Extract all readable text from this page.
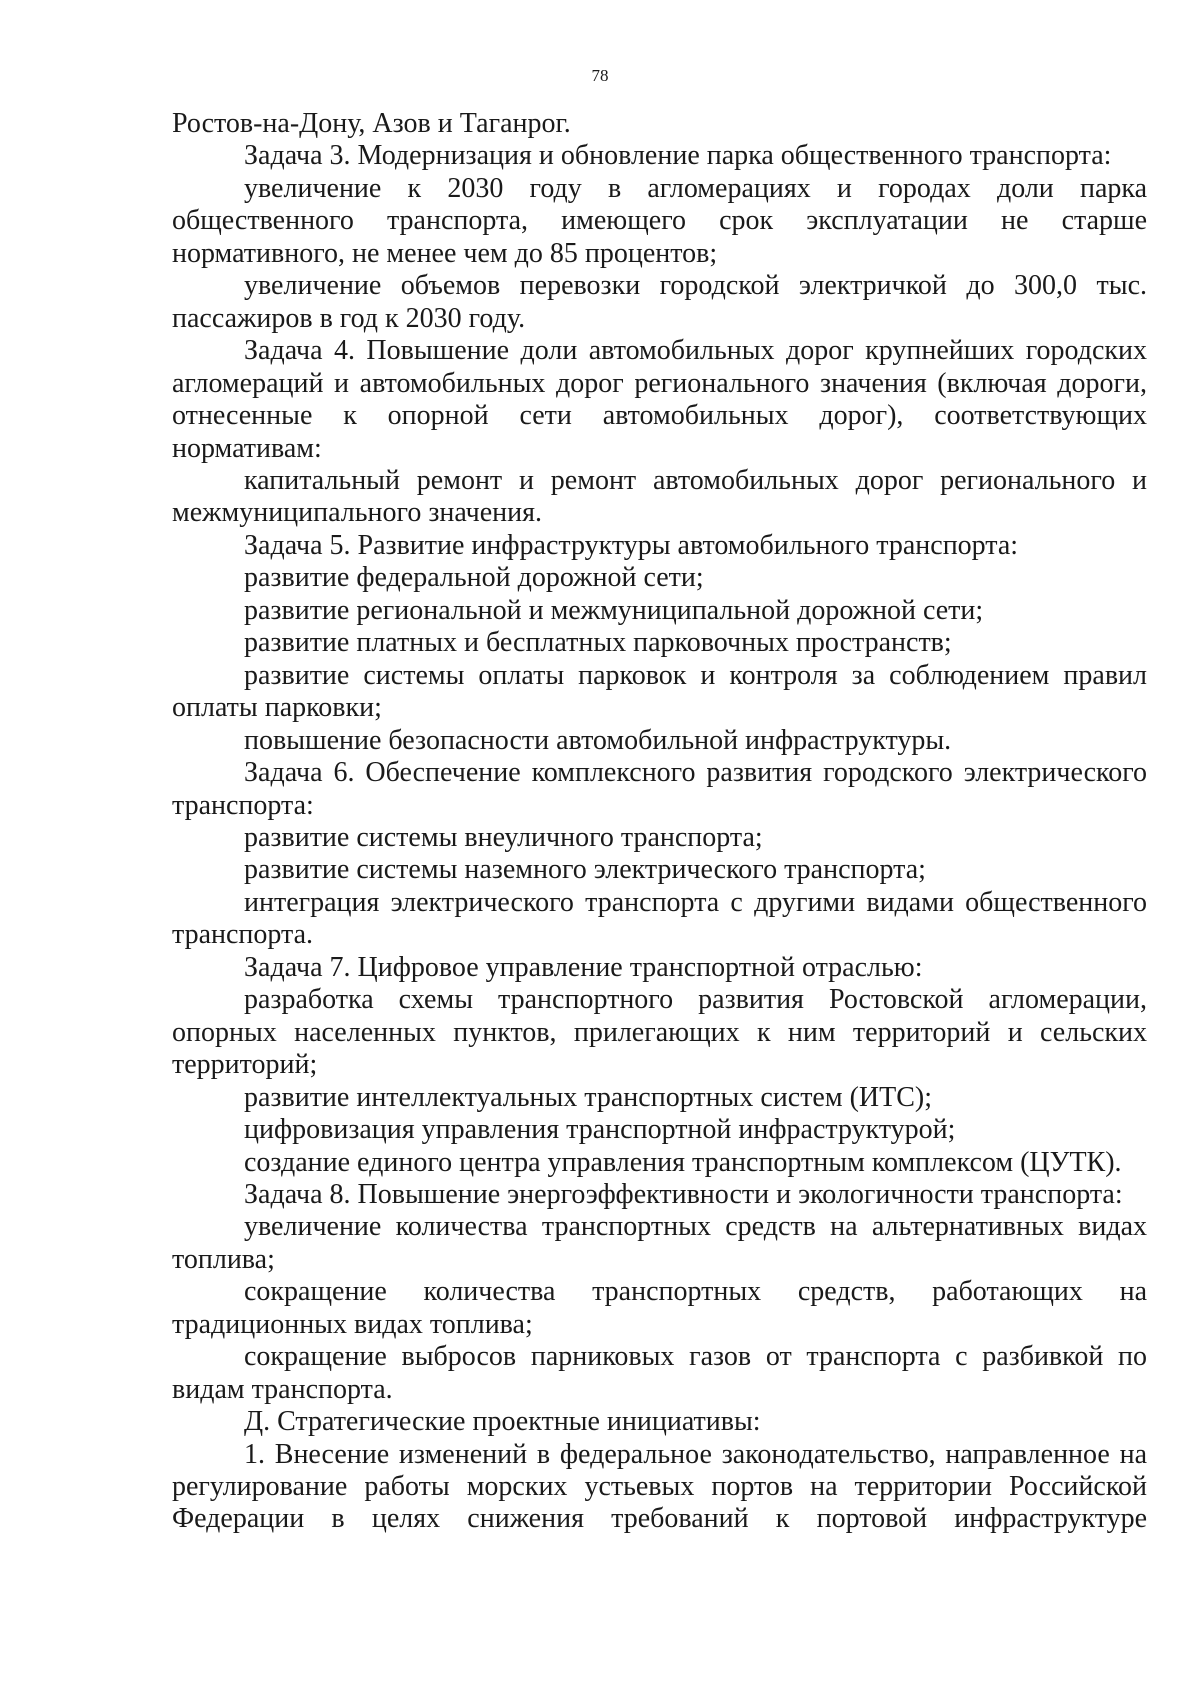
78

Ростов-на-Дону, Азов и Таганрог.

Задача 3. Модернизация и обновление парка общественного транспорта:

увеличение к 2030 году в агломерациях и городах доли парка общественного транспорта, имеющего срок эксплуатации не старше нормативного, не менее чем до 85 процентов;

увеличение объемов перевозки городской электричкой до 300,0 тыс. пассажиров в год к 2030 году.

Задача 4. Повышение доли автомобильных дорог крупнейших городских агломераций и автомобильных дорог регионального значения (включая дороги, отнесенные к опорной сети автомобильных дорог), соответствующих нормативам:

капитальный ремонт и ремонт автомобильных дорог регионального и межмуниципального значения.

Задача 5. Развитие инфраструктуры автомобильного транспорта:

развитие федеральной дорожной сети;

развитие региональной и межмуниципальной дорожной сети;

развитие платных и бесплатных парковочных пространств;

развитие системы оплаты парковок и контроля за соблюдением правил оплаты парковки;

повышение безопасности автомобильной инфраструктуры.

Задача 6. Обеспечение комплексного развития городского электрического транспорта:

развитие системы внеуличного транспорта;

развитие системы наземного электрического транспорта;

интеграция электрического транспорта с другими видами общественного транспорта.

Задача 7. Цифровое управление транспортной отраслью:

разработка схемы транспортного развития Ростовской агломерации, опорных населенных пунктов, прилегающих к ним территорий и сельских территорий;

развитие интеллектуальных транспортных систем (ИТС);

цифровизация управления транспортной инфраструктурой;

создание единого центра управления транспортным комплексом (ЦУТК).

Задача 8. Повышение энергоэффективности и экологичности транспорта:

увеличение количества транспортных средств на альтернативных видах топлива;

сокращение количества транспортных средств, работающих на традиционных видах топлива;

сокращение выбросов парниковых газов от транспорта с разбивкой по видам транспорта.

Д. Стратегические проектные инициативы:

1. Внесение изменений в федеральное законодательство, направленное на регулирование работы морских устьевых портов на территории Российской Федерации в целях снижения требований к портовой инфраструктуре
